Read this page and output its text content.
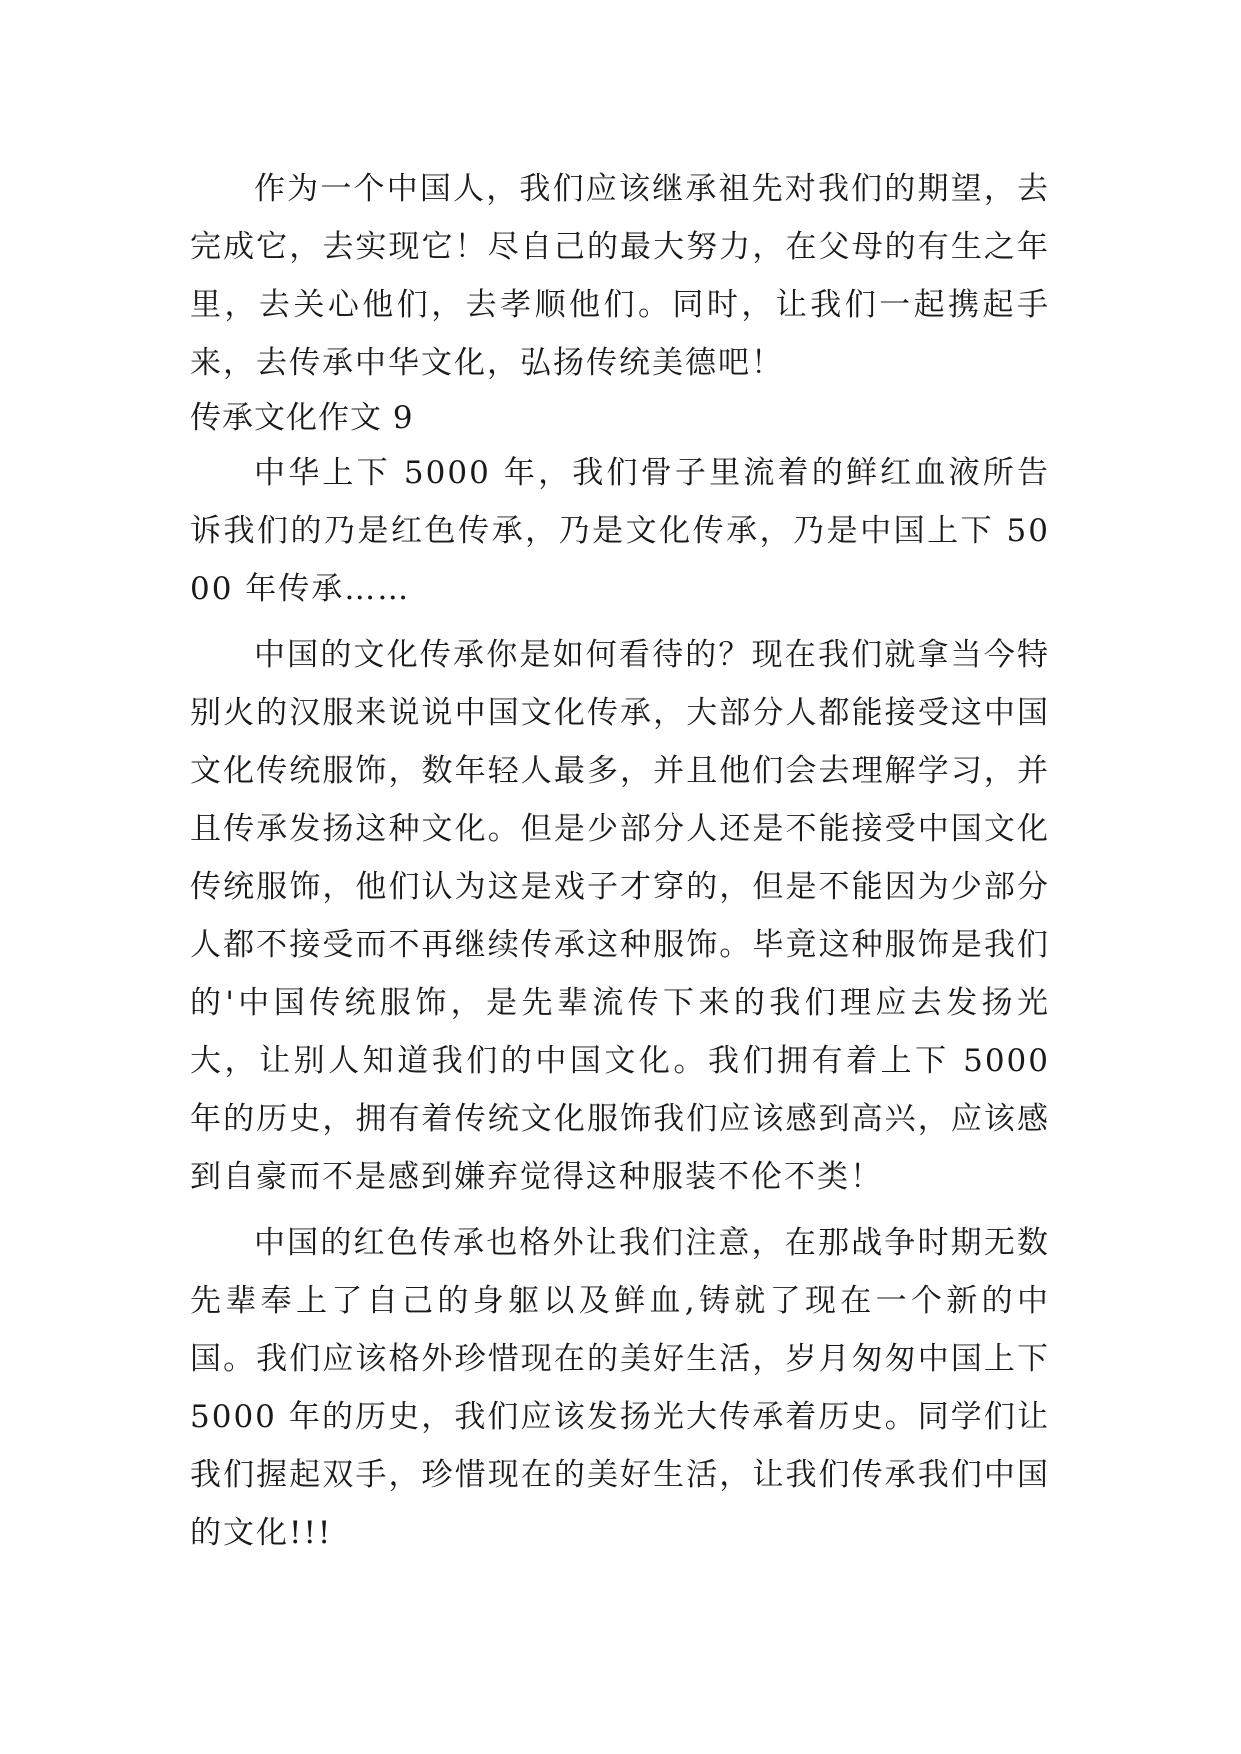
作为一个中国人，我们应该继承祖先对我们的期望，去完成它，去实现它！尽自己的最大努力，在父母的有生之年里，去关心他们，去孝顺他们。同时，让我们一起携起手来，去传承中华文化，弘扬传统美德吧！

传承文化作文 9

中华上下 5000 年，我们骨子里流着的鲜红血液所告诉我们的乃是红色传承，乃是文化传承，乃是中国上下 5000 年传承……

中国的文化传承你是如何看待的？现在我们就拿当今特别火的汉服来说说中国文化传承，大部分人都能接受这中国文化传统服饰，数年轻人最多，并且他们会去理解学习，并且传承发扬这种文化。但是少部分人还是不能接受中国文化传统服饰，他们认为这是戏子才穿的，但是不能因为少部分人都不接受而不再继续传承这种服饰。毕竟这种服饰是我们的'中国传统服饰，是先辈流传下来的我们理应去发扬光大，让别人知道我们的中国文化。我们拥有着上下 5000 年的历史，拥有着传统文化服饰我们应该感到高兴，应该感到自豪而不是感到嫌弃觉得这种服装不伦不类！

中国的红色传承也格外让我们注意，在那战争时期无数先辈奉上了自己的身躯以及鲜血,铸就了现在一个新的中国。我们应该格外珍惜现在的美好生活，岁月匆匆中国上下 5000 年的历史，我们应该发扬光大传承着历史。同学们让我们握起双手，珍惜现在的美好生活，让我们传承我们中国的文化!!!
